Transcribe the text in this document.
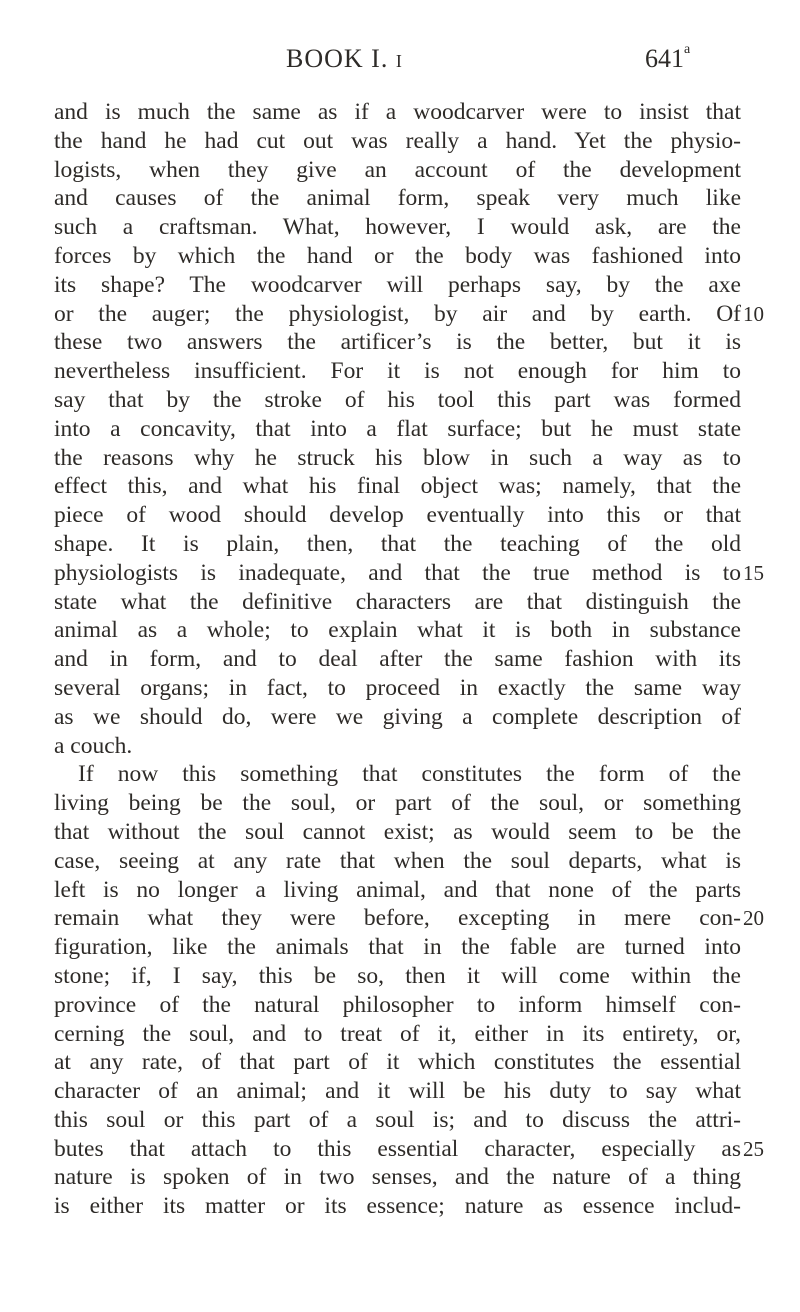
BOOK I. i	641$^a$
and is much the same as if a woodcarver were to insist that
the hand he had cut out was really a hand. Yet the physio-
logists, when they give an account of the development
and causes of the animal form, speak very much like
such a craftsman. What, however, I would ask, are the
forces by which the hand or the body was fashioned into
its shape? The woodcarver will perhaps say, by the axe
or the auger; the physiologist, by air and by earth. Of 10
these two answers the artificer’s is the better, but it is
nevertheless insufficient. For it is not enough for him to
say that by the stroke of his tool this part was formed
into a concavity, that into a flat surface; but he must state
the reasons why he struck his blow in such a way as to
effect this, and what his final object was; namely, that the
piece of wood should develop eventually into this or that
shape. It is plain, then, that the teaching of the old
physiologists is inadequate, and that the true method is to 15
state what the definitive characters are that distinguish the
animal as a whole; to explain what it is both in substance
and in form, and to deal after the same fashion with its
several organs; in fact, to proceed in exactly the same way
as we should do, were we giving a complete description of
a couch.
If now this something that constitutes the form of the
living being be the soul, or part of the soul, or something
that without the soul cannot exist; as would seem to be the
case, seeing at any rate that when the soul departs, what is
left is no longer a living animal, and that none of the parts
remain what they were before, excepting in mere con- 20
figuration, like the animals that in the fable are turned into
stone; if, I say, this be so, then it will come within the
province of the natural philosopher to inform himself con-
cerning the soul, and to treat of it, either in its entirety, or,
at any rate, of that part of it which constitutes the essential
character of an animal; and it will be his duty to say what
this soul or this part of a soul is; and to discuss the attri-
butes that attach to this essential character, especially as 25
nature is spoken of in two senses, and the nature of a thing
is either its matter or its essence; nature as essence includ-
